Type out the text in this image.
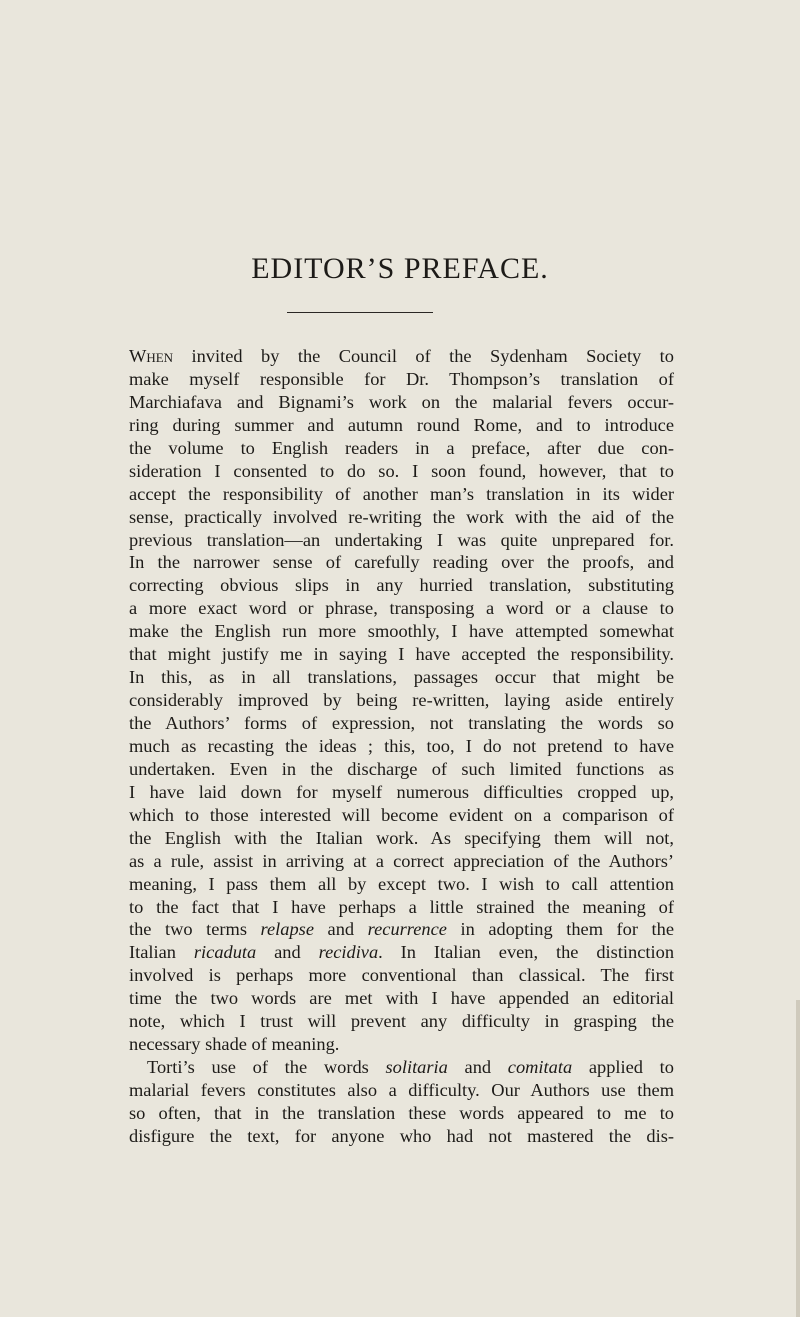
EDITOR’S PREFACE.
When invited by the Council of the Sydenham Society to
make myself responsible for Dr. Thompson’s translation of
Marchiafava and Bignami’s work on the malarial fevers occur-
ring during summer and autumn round Rome, and to introduce
the volume to English readers in a preface, after due con-
sideration I consented to do so. I soon found, however, that to
accept the responsibility of another man’s translation in its wider
sense, practically involved re-writing the work with the aid of the
previous translation—an undertaking I was quite unprepared for.
In the narrower sense of carefully reading over the proofs, and
correcting obvious slips in any hurried translation, substituting
a more exact word or phrase, transposing a word or a clause to
make the English run more smoothly, I have attempted somewhat
that might justify me in saying I have accepted the responsibility.
In this, as in all translations, passages occur that might be
considerably improved by being re-written, laying aside entirely
the Authors’ forms of expression, not translating the words so
much as recasting the ideas ; this, too, I do not pretend to have
undertaken. Even in the discharge of such limited functions as
I have laid down for myself numerous difficulties cropped up,
which to those interested will become evident on a comparison of
the English with the Italian work. As specifying them will not,
as a rule, assist in arriving at a correct appreciation of the Authors’
meaning, I pass them all by except two. I wish to call attention
to the fact that I have perhaps a little strained the meaning of
the two terms relapse and recurrence in adopting them for the
Italian ricaduta and recidiva. In Italian even, the distinction
involved is perhaps more conventional than classical. The first
time the two words are met with I have appended an editorial
note, which I trust will prevent any difficulty in grasping the
necessary shade of meaning.
Torti’s use of the words solitaria and comitata applied to
malarial fevers constitutes also a difficulty. Our Authors use them
so often, that in the translation these words appeared to me to
disfigure the text, for anyone who had not mastered the dis-
